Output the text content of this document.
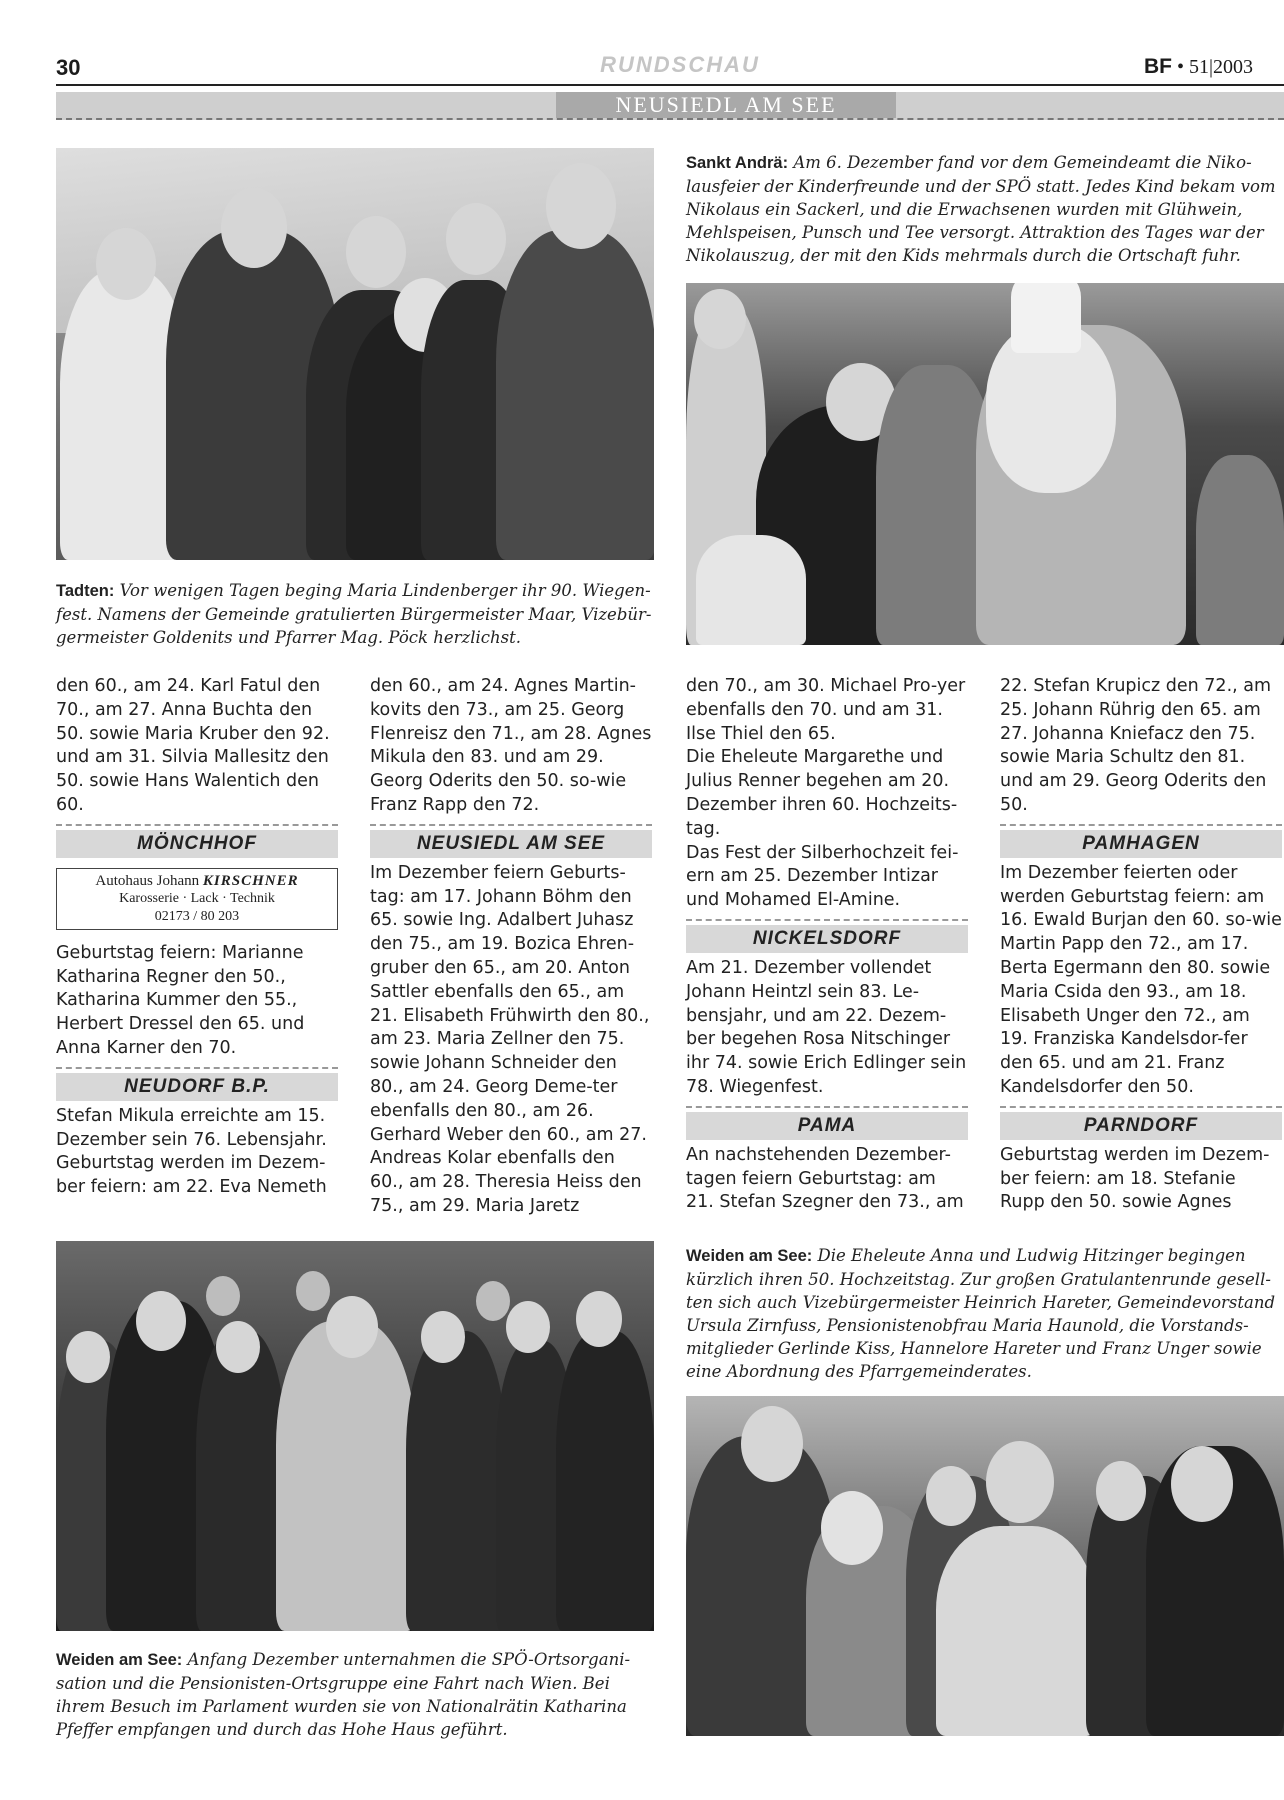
30	RUNDSCHAU	BF • 51|2003
NEUSIEDL AM SEE
Tadten: Vor wenigen Tagen beging Maria Lindenberger ihr 90. Wiegen-fest. Namens der Gemeinde gratulierten Bürgermeister Maar, Vizebür-germeister Goldenits und Pfarrer Mag. Pöck herzlichst.
Sankt Andrä: Am 6. Dezember fand vor dem Gemeindeamt die Niko-lausfeier der Kinderfreunde und der SPÖ statt. Jedes Kind bekam vom Nikolaus ein Sackerl, und die Erwachsenen wurden mit Glühwein, Mehlspeisen, Punsch und Tee versorgt. Attraktion des Tages war der Nikolauszug, der mit den Kids mehrmals durch die Ortschaft fuhr.

den 60., am 24. Karl Fatul den 70., am 27. Anna Buchta den 50. sowie Maria Kruber den 92. und am 31. Silvia Mallesitz den 50. sowie Hans Walentich den 60.

MÖNCHHOF
Autohaus Johann KIRSCHNER
Karosserie · Lack · Technik
02173 / 80 203

Geburtstag feiern: Marianne Katharina Regner den 50., Katharina Kummer den 55., Herbert Dressel den 65. und Anna Karner den 70.

NEUDORF B.P.

Stefan Mikula erreichte am 15. Dezember sein 76. Lebensjahr. Geburtstag werden im Dezem-ber feiern: am 22. Eva Nemeth

den 60., am 24. Agnes Martin-kovits den 73., am 25. Georg Flenreisz den 71., am 28. Agnes Mikula den 83. und am 29. Georg Oderits den 50. so-wie Franz Rapp den 72.

NEUSIEDL AM SEE

Im Dezember feiern Geburts-tag: am 17. Johann Böhm den 65. sowie Ing. Adalbert Juhasz den 75., am 19. Bozica Ehren-gruber den 65., am 20. Anton Sattler ebenfalls den 65., am 21. Elisabeth Frühwirth den 80., am 23. Maria Zellner den 75. sowie Johann Schneider den 80., am 24. Georg Deme-ter ebenfalls den 80., am 26. Gerhard Weber den 60., am 27. Andreas Kolar ebenfalls den 60., am 28. Theresia Heiss den 75., am 29. Maria Jaretz

den 70., am 30. Michael Pro-yer ebenfalls den 70. und am 31. Ilse Thiel den 65.

Die Eheleute Margarethe und Julius Renner begehen am 20. Dezember ihren 60. Hochzeits-tag.

Das Fest der Silberhochzeit fei-ern am 25. Dezember Intizar und Mohamed El-Amine.

NICKELSDORF

Am 21. Dezember vollendet Johann Heintzl sein 83. Le-bensjahr, und am 22. Dezem-ber begehen Rosa Nitschinger ihr 74. sowie Erich Edlinger sein 78. Wiegenfest.

PAMA

An nachstehenden Dezember-tagen feiern Geburtstag: am 21. Stefan Szegner den 73., am

22. Stefan Krupicz den 72., am 25. Johann Rührig den 65. am 27. Johanna Kniefacz den 75. sowie Maria Schultz den 81. und am 29. Georg Oderits den 50.

PAMHAGEN

Im Dezember feierten oder werden Geburtstag feiern: am 16. Ewald Burjan den 60. so-wie Martin Papp den 72., am 17. Berta Egermann den 80. sowie Maria Csida den 93., am 18. Elisabeth Unger den 72., am 19. Franziska Kandelsdor-fer den 65. und am 21. Franz Kandelsdorfer den 50.

PARNDORF

Geburtstag werden im Dezem-ber feiern: am 18. Stefanie Rupp den 50. sowie Agnes

Weiden am See: Anfang Dezember unternahmen die SPÖ-Ortsorgani-sation und die Pensionisten-Ortsgruppe eine Fahrt nach Wien. Bei ihrem Besuch im Parlament wurden sie von Nationalrätin Katharina Pfeffer empfangen und durch das Hohe Haus geführt.
Weiden am See: Die Eheleute Anna und Ludwig Hitzinger begingen kürzlich ihren 50. Hochzeitstag. Zur großen Gratulantenrunde gesell-ten sich auch Vizebürgermeister Heinrich Hareter, Gemeindevorstand Ursula Zirnfuss, Pensionistenobfrau Maria Haunold, die Vorstands-mitglieder Gerlinde Kiss, Hannelore Hareter und Franz Unger sowie eine Abordnung des Pfarrgemeinderates.
